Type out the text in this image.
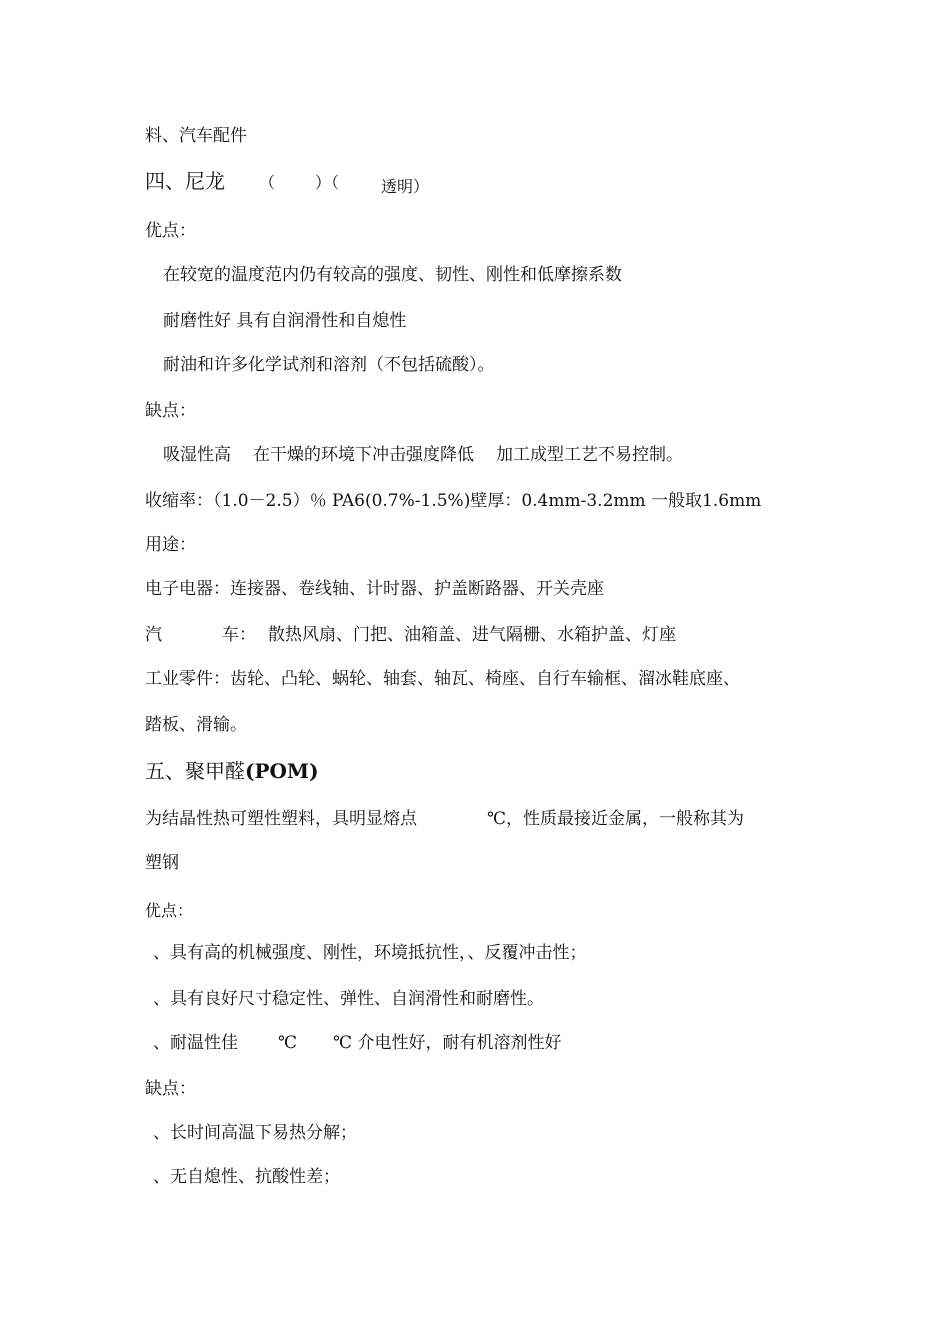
料、汽车配件
四、尼龙 （	）（	$_{透明)}$
优点：
在较宽的温度范内仍有较高的强度、韧性、刚性和低摩擦系数
耐磨性好 具有自润滑性和自熄性
耐油和许多化学试剂和溶剂（不包括硫酸）。
缺点：
吸湿性高 在干燥的环境下冲击强度降低 加工成型工艺不易控制。
收缩率：（1.0－2.5）％ PA6(0.7%-1.5%)壁厚：0.4mm-3.2mm 一般取1.6mm
用途：
电子电器：连接器、卷线轴、计时器、护盖断路器、开关壳座
汽	车： 散热风扇、门把、油箱盖、进气隔栅、水箱护盖、灯座
工业零件：齿轮、凸轮、蜗轮、轴套、轴瓦、椅座、自行车输框、溜冰鞋底座、
踏板、滑输。
五、聚甲醛(POM)
为结晶性热可塑性塑料，具明显熔点	℃，性质最接近金属，一般称其为
塑钢
优点：
、具有高的机械强度、刚性，环境抵抗性，、反覆冲击性；
、具有良好尺寸稳定性、弹性、自润滑性和耐磨性。
、耐温性佳 ℃ ℃ 介电性好，耐有机溶剂性好
缺点：
、长时间高温下易热分解；
、无自熄性、抗酸性差；
